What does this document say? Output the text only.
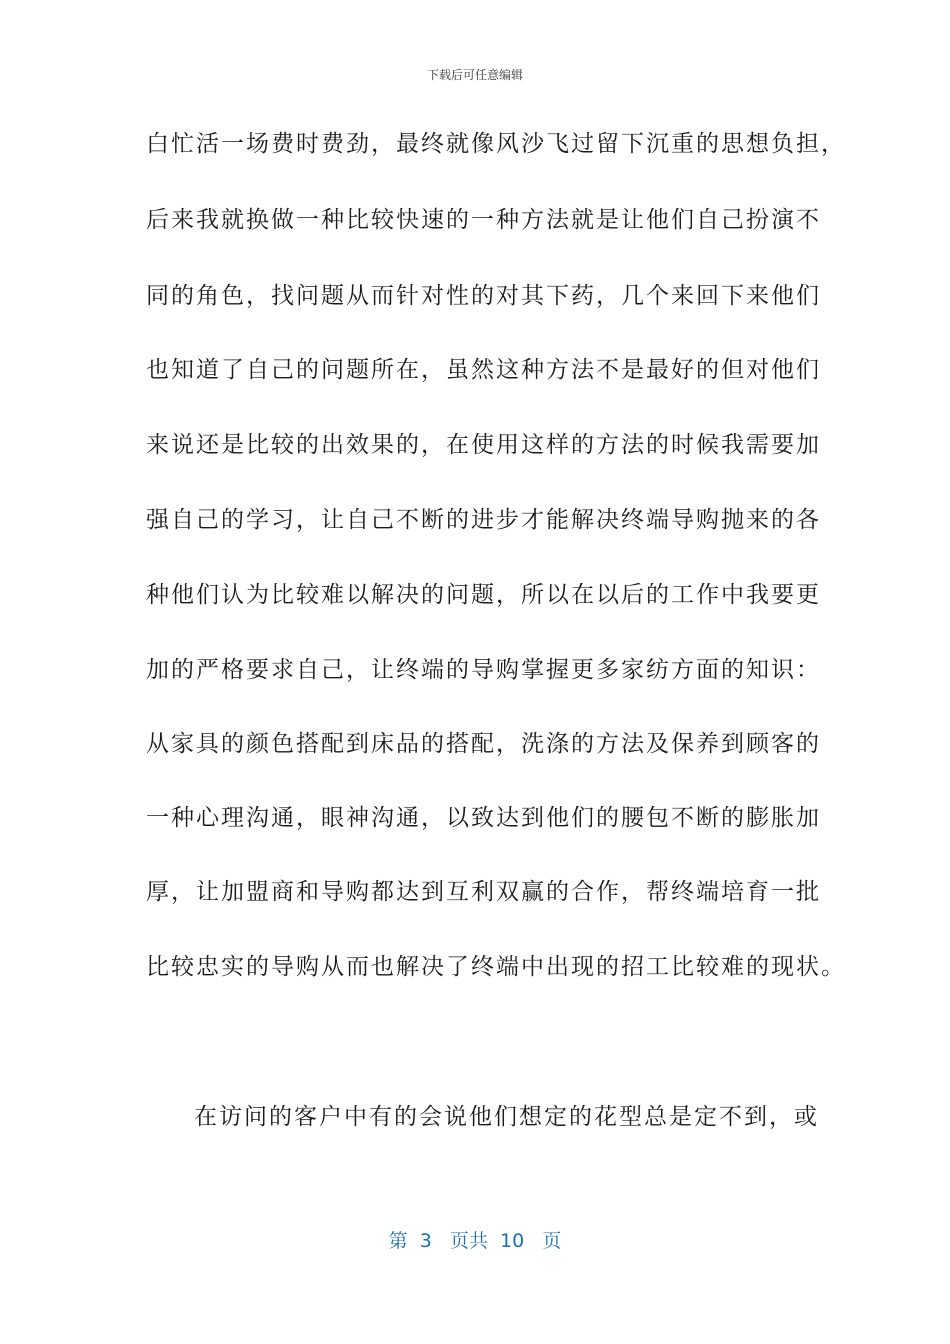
下载后可任意编辑
白忙活一场费时费劲，最终就像风沙飞过留下沉重的思想负担，
后来我就换做一种比较快速的一种方法就是让他们自己扮演不
同的角色，找问题从而针对性的对其下药，几个来回下来他们
也知道了自己的问题所在，虽然这种方法不是最好的但对他们
来说还是比较的出效果的，在使用这样的方法的时候我需要加
强自己的学习，让自己不断的进步才能解决终端导购抛来的各
种他们认为比较难以解决的问题，所以在以后的工作中我要更
加的严格要求自己，让终端的导购掌握更多家纺方面的知识：
从家具的颜色搭配到床品的搭配，洗涤的方法及保养到顾客的
一种心理沟通，眼神沟通，以致达到他们的腰包不断的膨胀加
厚，让加盟商和导购都达到互利双赢的合作，帮终端培育一批
比较忠实的导购从而也解决了终端中出现的招工比较难的现状。
在访问的客户中有的会说他们想定的花型总是定不到，或
第 3 页共 10 页
